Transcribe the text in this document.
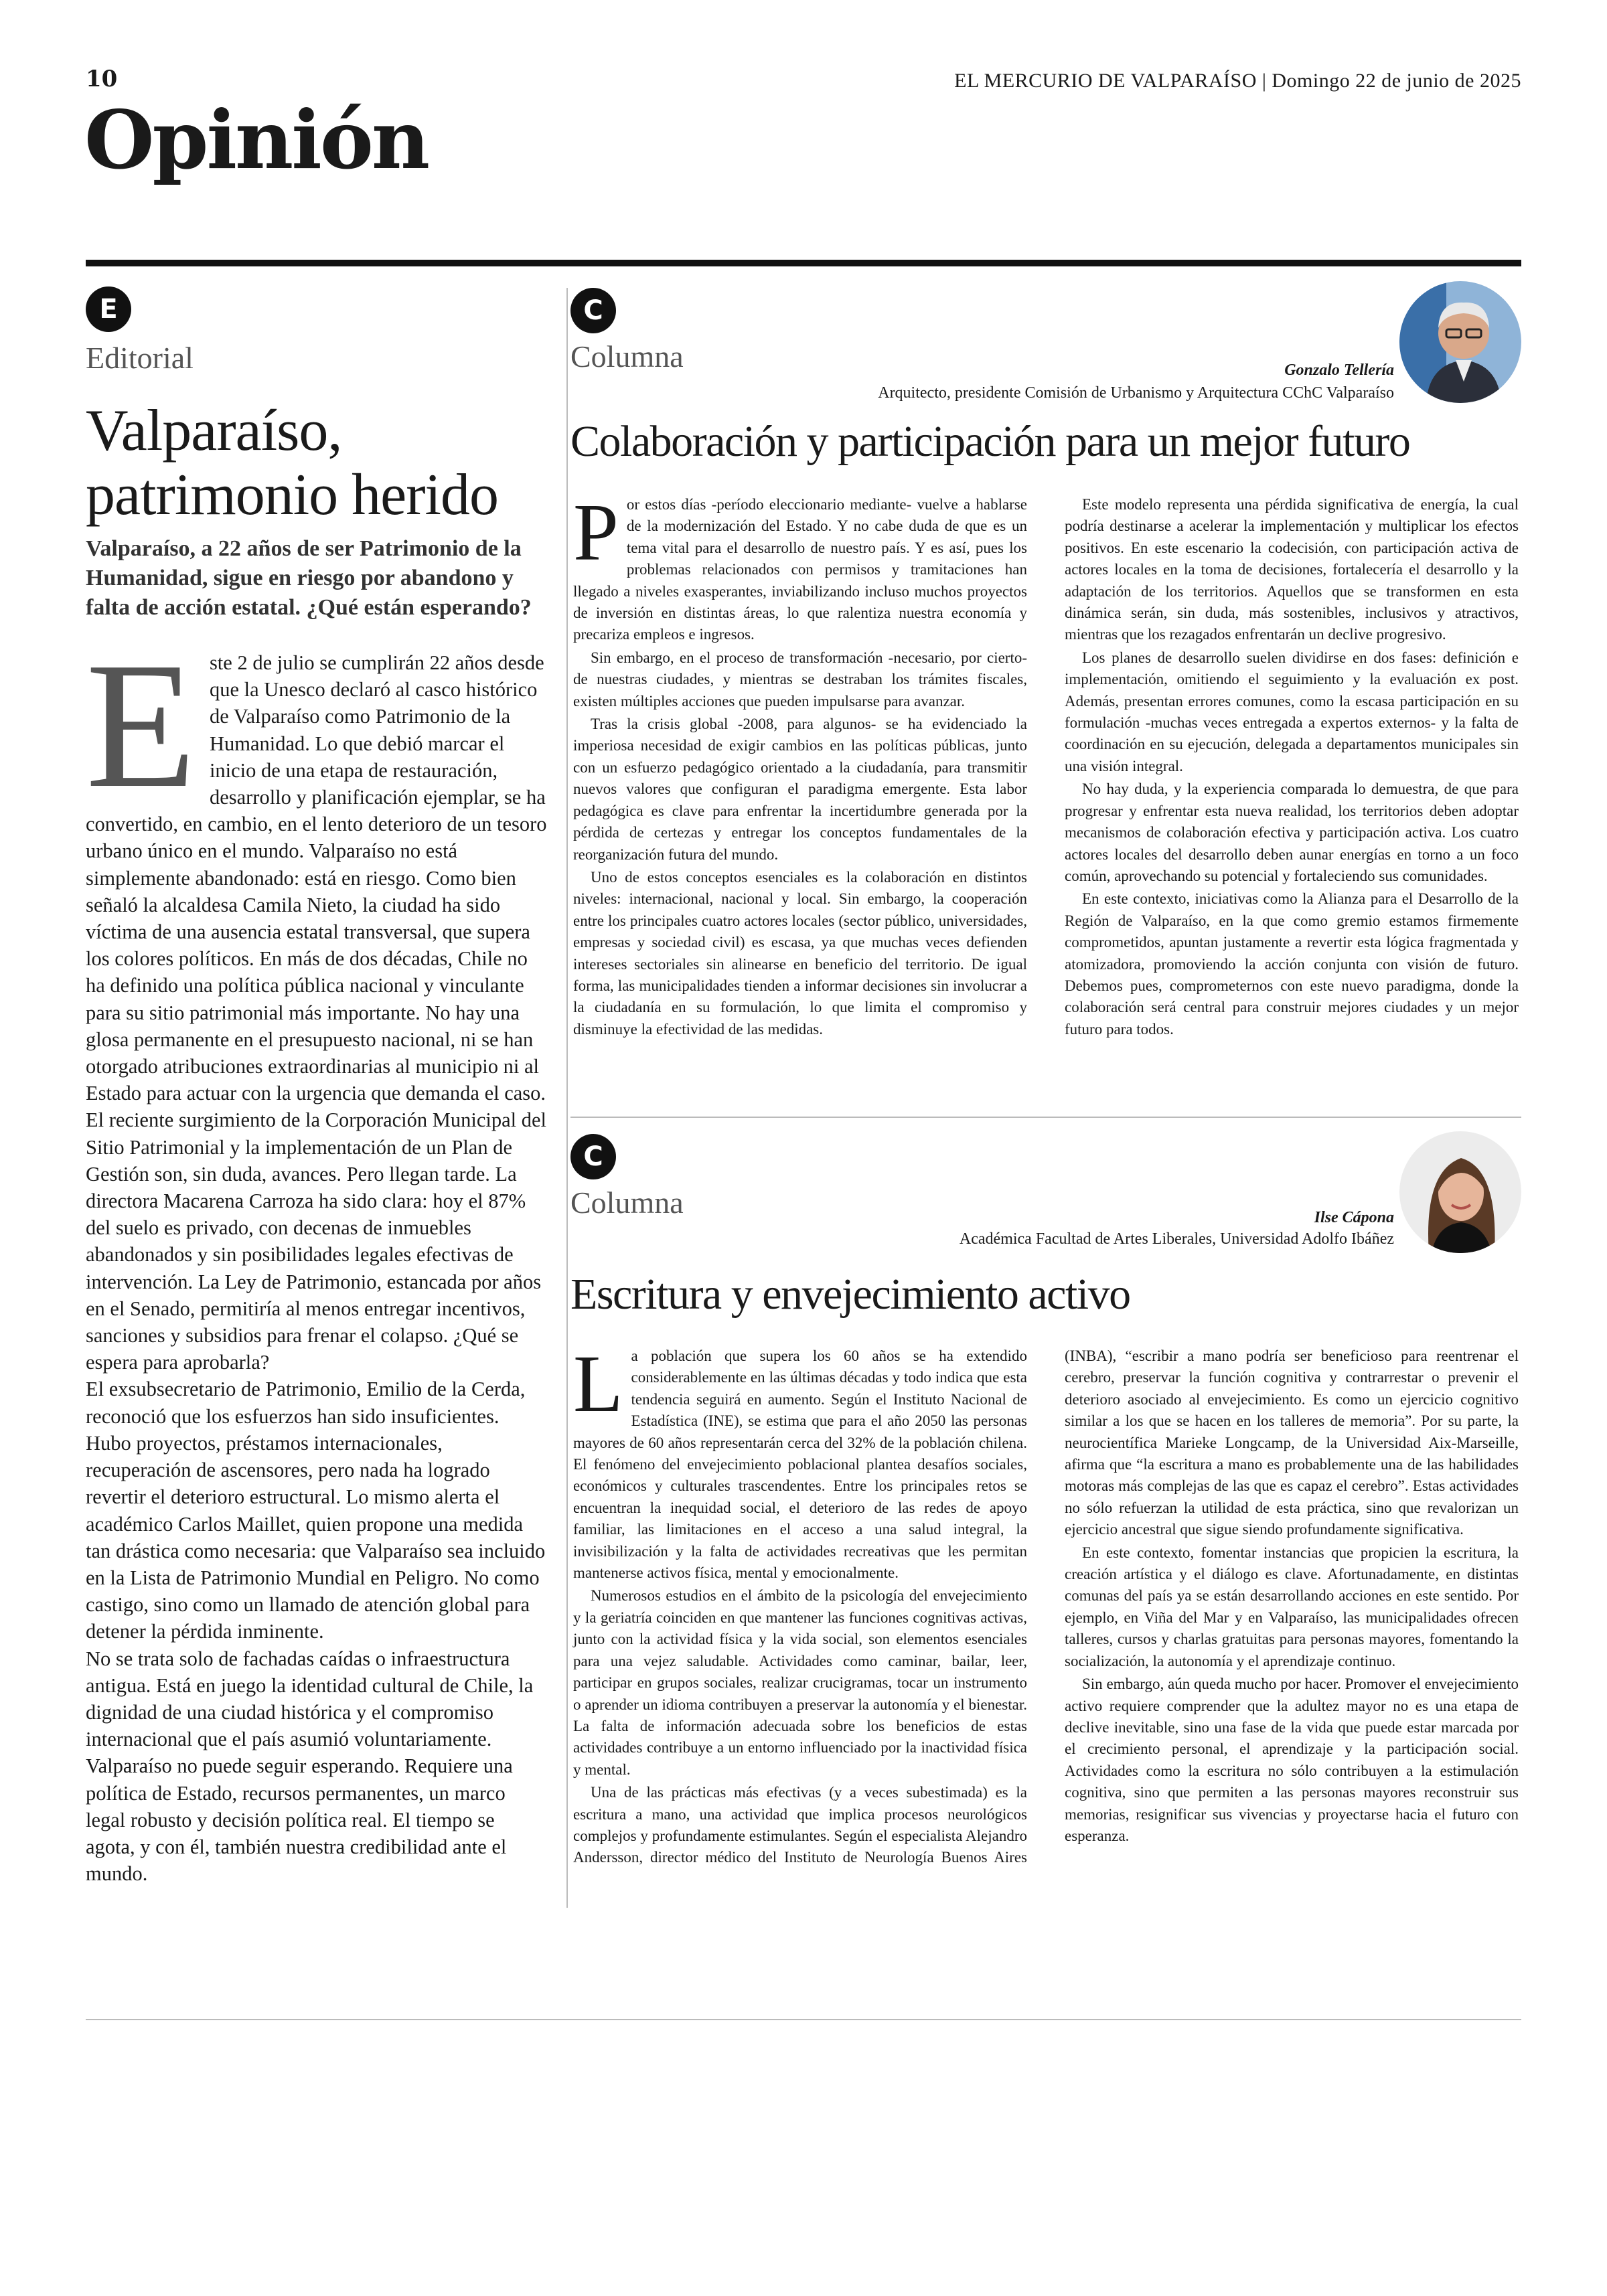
10	EL MERCURIO DE VALPARAÍSO | Domingo 22 de junio de 2025
Opinión
E
Editorial
Valparaíso, patrimonio herido
Valparaíso, a 22 años de ser Patrimonio de la Humanidad, sigue en riesgo por abandono y falta de acción estatal. ¿Qué están esperando?

Este 2 de julio se cumplirán 22 años desde que la Unesco declaró al casco histórico de Valparaíso como Patrimonio de la Humanidad. Lo que debió marcar el inicio de una etapa de restauración, desarrollo y planificación ejemplar, se ha convertido, en cambio, en el lento deterioro de un tesoro urbano único en el mundo. Valparaíso no está simplemente abandonado: está en riesgo. Como bien señaló la alcaldesa Camila Nieto, la ciudad ha sido víctima de una ausencia estatal transversal, que supera los colores políticos. En más de dos décadas, Chile no ha definido una política pública nacional y vinculante para su sitio patrimonial más importante. No hay una glosa permanente en el presupuesto nacional, ni se han otorgado atribuciones extraordinarias al municipio ni al Estado para actuar con la urgencia que demanda el caso.

El reciente surgimiento de la Corporación Municipal del Sitio Patrimonial y la implementación de un Plan de Gestión son, sin duda, avances. Pero llegan tarde. La directora Macarena Carroza ha sido clara: hoy el 87% del suelo es privado, con decenas de inmuebles abandonados y sin posibilidades legales efectivas de intervención. La Ley de Patrimonio, estancada por años en el Senado, permitiría al menos entregar incentivos, sanciones y subsidios para frenar el colapso. ¿Qué se espera para aprobarla?

El exsubsecretario de Patrimonio, Emilio de la Cerda, reconoció que los esfuerzos han sido insuficientes. Hubo proyectos, préstamos internacionales, recuperación de ascensores, pero nada ha logrado revertir el deterioro estructural. Lo mismo alerta el académico Carlos Maillet, quien propone una medida tan drástica como necesaria: que Valparaíso sea incluido en la Lista de Patrimonio Mundial en Peligro. No como castigo, sino como un llamado de atención global para detener la pérdida inminente.

No se trata solo de fachadas caídas o infraestructura antigua. Está en juego la identidad cultural de Chile, la dignidad de una ciudad histórica y el compromiso internacional que el país asumió voluntariamente. Valparaíso no puede seguir esperando. Requiere una política de Estado, recursos permanentes, un marco legal robusto y decisión política real. El tiempo se agota, y con él, también nuestra credibilidad ante el mundo.

C
Columna	Gonzalo Tellería
Arquitecto, presidente Comisión de Urbanismo y Arquitectura CChC Valparaíso
Colaboración y participación para un mejor futuro

Por estos días -período eleccionario mediante- vuelve a hablarse de la modernización del Estado. Y no cabe duda de que es un tema vital para el desarrollo de nuestro país. Y es así, pues los problemas relacionados con permisos y tramitaciones han llegado a niveles exasperantes, inviabilizando incluso muchos proyectos de inversión en distintas áreas, lo que ralentiza nuestra economía y precariza empleos e ingresos.

Sin embargo, en el proceso de transformación -necesario, por cierto- de nuestras ciudades, y mientras se destraban los trámites fiscales, existen múltiples acciones que pueden impulsarse para avanzar.

Tras la crisis global -2008, para algunos- se ha evidenciado la imperiosa necesidad de exigir cambios en las políticas públicas, junto con un esfuerzo pedagógico orientado a la ciudadanía, para transmitir nuevos valores que configuran el paradigma emergente. Esta labor pedagógica es clave para enfrentar la incertidumbre generada por la pérdida de certezas y entregar los conceptos fundamentales de la reorganización futura del mundo.

Uno de estos conceptos esenciales es la colaboración en distintos niveles: internacional, nacional y local. Sin embargo, la cooperación entre los principales cuatro actores locales (sector público, universidades, empresas y sociedad civil) es escasa, ya que muchas veces defienden intereses sectoriales sin alinearse en beneficio del territorio. De igual forma, las municipalidades tienden a informar decisiones sin involucrar a la ciudadanía en su formulación, lo que limita el compromiso y disminuye la efectividad de las medidas.

Este modelo representa una pérdida significativa de energía, la cual podría destinarse a acelerar la implementación y multiplicar los efectos positivos. En este escenario la codecisión, con participación activa de actores locales en la toma de decisiones, fortalecería el desarrollo y la adaptación de los territorios. Aquellos que se transformen en esta dinámica serán, sin duda, más sostenibles, inclusivos y atractivos, mientras que los rezagados enfrentarán un declive progresivo.

Los planes de desarrollo suelen dividirse en dos fases: definición e implementación, omitiendo el seguimiento y la evaluación ex post. Además, presentan errores comunes, como la escasa participación en su formulación -muchas veces entregada a expertos externos- y la falta de coordinación en su ejecución, delegada a departamentos municipales sin una visión integral.

No hay duda, y la experiencia comparada lo demuestra, de que para progresar y enfrentar esta nueva realidad, los territorios deben adoptar mecanismos de colaboración efectiva y participación activa. Los cuatro actores locales del desarrollo deben aunar energías en torno a un foco común, aprovechando su potencial y fortaleciendo sus comunidades.

En este contexto, iniciativas como la Alianza para el Desarrollo de la Región de Valparaíso, en la que como gremio estamos firmemente comprometidos, apuntan justamente a revertir esta lógica fragmentada y atomizadora, promoviendo la acción conjunta con visión de futuro. Debemos pues, comprometernos con este nuevo paradigma, donde la colaboración será central para construir mejores ciudades y un mejor futuro para todos.

C
Columna	Ilse Cápona
Académica Facultad de Artes Liberales, Universidad Adolfo Ibáñez
Escritura y envejecimiento activo

La población que supera los 60 años se ha extendido considerablemente en las últimas décadas y todo indica que esta tendencia seguirá en aumento. Según el Instituto Nacional de Estadística (INE), se estima que para el año 2050 las personas mayores de 60 años representarán cerca del 32% de la población chilena. El fenómeno del envejecimiento poblacional plantea desafíos sociales, económicos y culturales trascendentes. Entre los principales retos se encuentran la inequidad social, el deterioro de las redes de apoyo familiar, las limitaciones en el acceso a una salud integral, la invisibilización y la falta de actividades recreativas que les permitan mantenerse activos física, mental y emocionalmente.

Numerosos estudios en el ámbito de la psicología del envejecimiento y la geriatría coinciden en que mantener las funciones cognitivas activas, junto con la actividad física y la vida social, son elementos esenciales para una vejez saludable. Actividades como caminar, bailar, leer, participar en grupos sociales, realizar crucigramas, tocar un instrumento o aprender un idioma contribuyen a preservar la autonomía y el bienestar. La falta de información adecuada sobre los beneficios de estas actividades contribuye a un entorno influenciado por la inactividad física y mental.

Una de las prácticas más efectivas (y a veces subestimada) es la escritura a mano, una actividad que implica procesos neurológicos complejos y profundamente estimulantes. Según el especialista Alejandro Andersson, director médico del Instituto de Neurología Buenos Aires (INBA), “escribir a mano podría ser beneficioso para reentrenar el cerebro, preservar la función cognitiva y contrarrestar o prevenir el deterioro asociado al envejecimiento. Es como un ejercicio cognitivo similar a los que se hacen en los talleres de memoria”. Por su parte, la neurocientífica Marieke Longcamp, de la Universidad Aix-Marseille, afirma que “la escritura a mano es probablemente una de las habilidades motoras más complejas de las que es capaz el cerebro”. Estas actividades no sólo refuerzan la utilidad de esta práctica, sino que revalorizan un ejercicio ancestral que sigue siendo profundamente significativa.

En este contexto, fomentar instancias que propicien la escritura, la creación artística y el diálogo es clave. Afortunadamente, en distintas comunas del país ya se están desarrollando acciones en este sentido. Por ejemplo, en Viña del Mar y en Valparaíso, las municipalidades ofrecen talleres, cursos y charlas gratuitas para personas mayores, fomentando la socialización, la autonomía y el aprendizaje continuo.

Sin embargo, aún queda mucho por hacer. Promover el envejecimiento activo requiere comprender que la adultez mayor no es una etapa de declive inevitable, sino una fase de la vida que puede estar marcada por el crecimiento personal, el aprendizaje y la participación social. Actividades como la escritura no sólo contribuyen a la estimulación cognitiva, sino que permiten a las personas mayores reconstruir sus memorias, resignificar sus vivencias y proyectarse hacia el futuro con esperanza.
